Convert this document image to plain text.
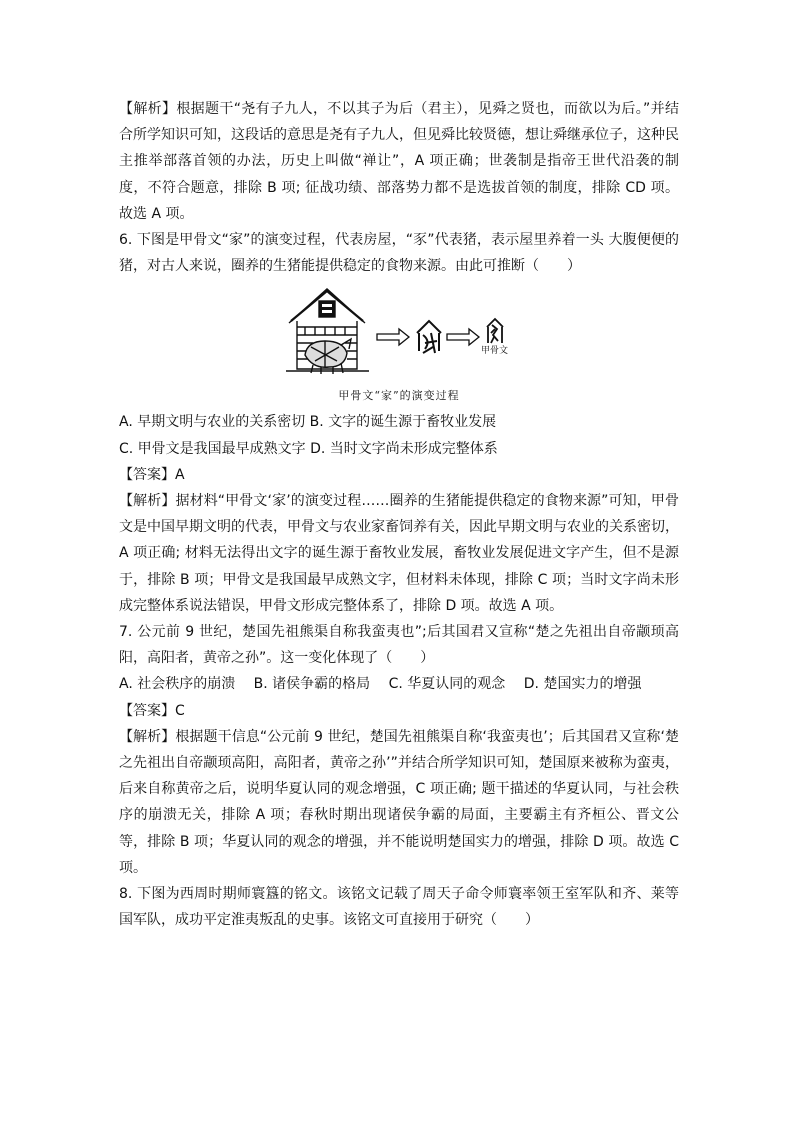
【解析】根据题干“尧有子九人，不以其子为后（君主），见舜之贤也，而欲以为后。”并结合所学知识可知，这段话的意思是尧有子九人，但见舜比较贤德，想让舜继承位子，这种民主推举部落首领的办法，历史上叫做“禅让”，A 项正确；世袭制是指帝王世代沿袭的制度，不符合题意，排除 B 项; 征战功绩、部落势力都不是选拔首领的制度，排除 CD 项。故选 A 项。

6. 下图是甲骨文“家”的演变过程，代表房屋，“豕”代表猪，表示屋里养着一头 大腹便便的猪，对古人来说，圈养的生猪能提供稳定的食物来源。由此可推断（　　）

甲骨文
甲骨文“家”的演变过程

A. 早期文明与农业的关系密切 B. 文字的诞生源于畜牧业发展

C. 甲骨文是我国最早成熟文字 D. 当时文字尚未形成完整体系

【答案】A

【解析】据材料“甲骨文‘家’的演变过程……圈养的生猪能提供稳定的食物来源”可知，甲骨文是中国早期文明的代表，甲骨文与农业家畜饲养有关，因此早期文明与农业的关系密切，A 项正确; 材料无法得出文字的诞生源于畜牧业发展，畜牧业发展促进文字产生，但不是源于，排除 B 项；甲骨文是我国最早成熟文字，但材料未体现，排除 C 项；当时文字尚未形成完整体系说法错误，甲骨文形成完整体系了，排除 D 项。故选 A 项。

7. 公元前 9 世纪，楚国先祖熊渠自称我蛮夷也”;后其国君又宣称“楚之先祖出自帝颛顼高阳，高阳者，黄帝之孙”。这一变化体现了（　　）

A. 社会秩序的崩溃　 B. 诸侯争霸的格局　 C. 华夏认同的观念　 D. 楚国实力的增强

【答案】C

【解析】根据题干信息“公元前 9 世纪，楚国先祖熊渠自称‘我蛮夷也’；后其国君又宣称‘楚之先祖出自帝颛顼高阳，高阳者，黄帝之孙’”并结合所学知识可知，楚国原来被称为蛮夷，后来自称黄帝之后，说明华夏认同的观念增强，C 项正确; 题干描述的华夏认同，与社会秩序的崩溃无关，排除 A 项；春秋时期出现诸侯争霸的局面，主要霸主有齐桓公、晋文公等，排除 B 项；华夏认同的观念的增强，并不能说明楚国实力的增强，排除 D 项。故选 C 项。

8. 下图为西周时期师寰簋的铭文。该铭文记载了周天子命令师寰率领王室军队和齐、莱等国军队，成功平定淮夷叛乱的史事。该铭文可直接用于研究（　　）
